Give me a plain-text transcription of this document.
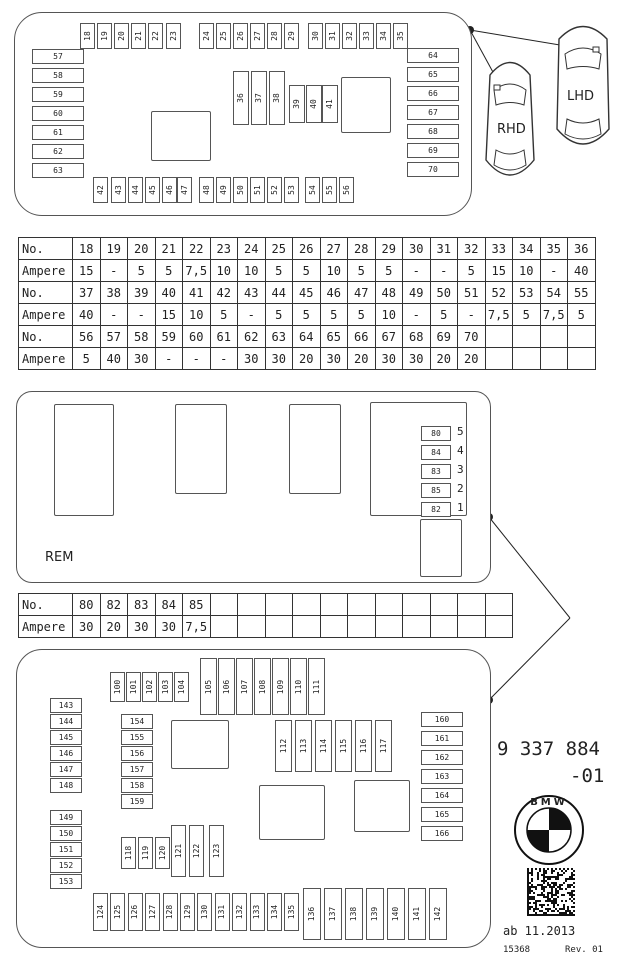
18 19 20 21 22 23	24 25 26 27 28 29 30 31 32 33 34 35
57
58
59
60
61
62
63
64
65
66
67
68
69
70
36 37 38
39 40 41
42 43 44 45 46 47 48 49 50 51 52 53 54 55 56
RHD
LHD
No.	18	19	20	21	22	23	24	25	26	27	28	29	30	31	32	33	34	35	36
Ampere	15	-	5	5	7,5	10	10	5	5	10	5	5	-	-	5	15	10	-	40
No.	37	38	39	40	41	42	43	44	45	46	47	48	49	50	51	52	53	54	55
Ampere	40	-	-	15	10	5	-	5	5	5	5	10	-	5	-	7,5	5	7,5	5
No.	56	57	58	59	60	61	62	63	64	65	66	67	68	69	70				
Ampere	5	40	30	-	-	-	30	30	20	30	20	30	30	20	20				
80	5
84	4
83	3
85	2
82	1
REM
No.	80	82	83	84	85											
Ampere	30	20	30	30	7,5											
100 101 102 103 104 105 106 107 108 109 110 111
143
144
145
146
147
148
149
150
151
152
153
154
155
156
157
158
159
112 113 114 115 116 117
118 119 120 121 122 123
160
161
162
163
164
165
166
124 125 126 127 128 129 130 131 132 133 134 135 136 137 138 139 140 141 142
9 337 884
-01
BMW
ab 11.2013
15368	Rev. 01
